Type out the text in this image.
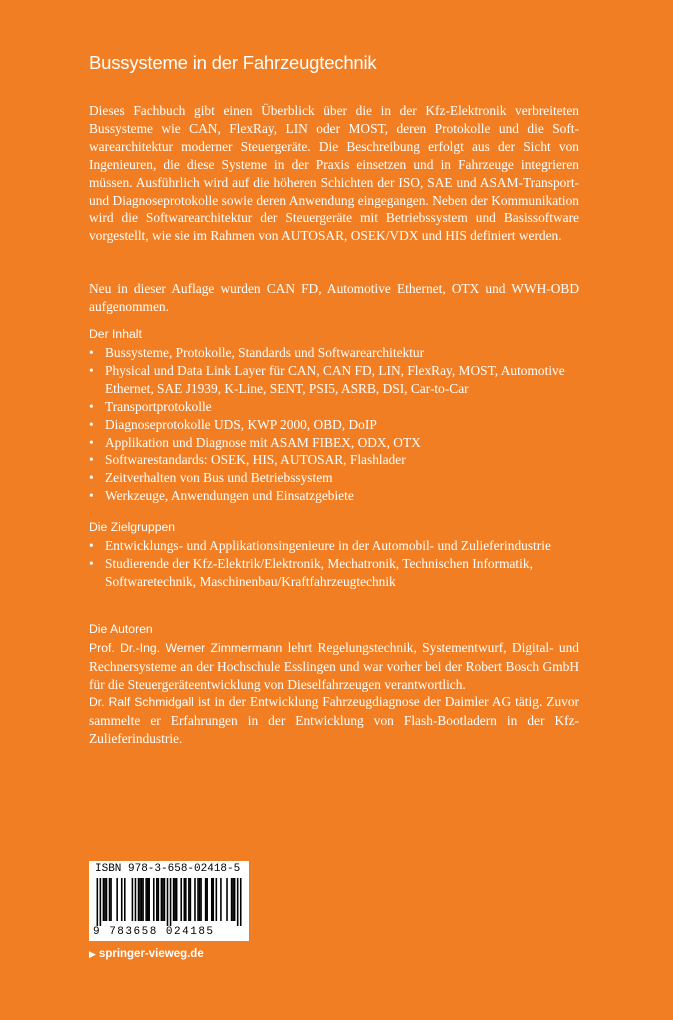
Bussysteme in der Fahrzeugtechnik
Dieses Fachbuch gibt einen Überblick über die in der Kfz-Elektronik verbreiteten Bussysteme wie CAN, FlexRay, LIN oder MOST, deren Protokolle und die Softwarearchitektur moderner Steuergeräte. Die Beschreibung erfolgt aus der Sicht von Ingenieuren, die diese Systeme in der Praxis einsetzen und in Fahrzeuge integrieren müssen. Ausführlich wird auf die höheren Schichten der ISO, SAE und ASAM-Transport- und Diagnoseprotokolle sowie deren Anwendung eingegangen. Neben der Kommunikation wird die Softwarearchitektur der Steuergeräte mit Betriebssystem und Basissoftware vorgestellt, wie sie im Rahmen von AUTOSAR, OSEK/VDX und HIS definiert werden.
Neu in dieser Auflage wurden CAN FD, Automotive Ethernet, OTX und WWH-OBD aufgenommen.
Der Inhalt
• Bussysteme, Protokolle, Standards und Softwarearchitektur
• Physical und Data Link Layer für CAN, CAN FD, LIN, FlexRay, MOST, Automotive Ethernet, SAE J1939, K-Line, SENT, PSI5, ASRB, DSI, Car-to-Car
• Transportprotokolle
• Diagnoseprotokolle UDS, KWP 2000, OBD, DoIP
• Applikation und Diagnose mit ASAM FIBEX, ODX, OTX
• Softwarestandards: OSEK, HIS, AUTOSAR, Flashlader
• Zeitverhalten von Bus und Betriebssystem
• Werkzeuge, Anwendungen und Einsatzgebiete
Die Zielgruppen
• Entwicklungs- und Applikationsingenieure in der Automobil- und Zulieferindustrie
• Studierende der Kfz-Elektrik/Elektronik, Mechatronik, Technischen Informatik, Softwaretechnik, Maschinenbau/Kraftfahrzeugtechnik
Die Autoren
Prof. Dr.-Ing. Werner Zimmermann lehrt Regelungstechnik, Systementwurf, Digital- und Rechnersysteme an der Hochschule Esslingen und war vorher bei der Robert Bosch GmbH für die Steuergeräteentwicklung von Dieselfahrzeugen verantwortlich.
Dr. Ralf Schmidgall ist in der Entwicklung Fahrzeugdiagnose der Daimler AG tätig. Zuvor sammelte er Erfahrungen in der Entwicklung von Flash-Bootladern in der Kfz-Zulieferindustrie.
ISBN 978-3-658-02418-5
9 783658 024185
▶ springer-vieweg.de
